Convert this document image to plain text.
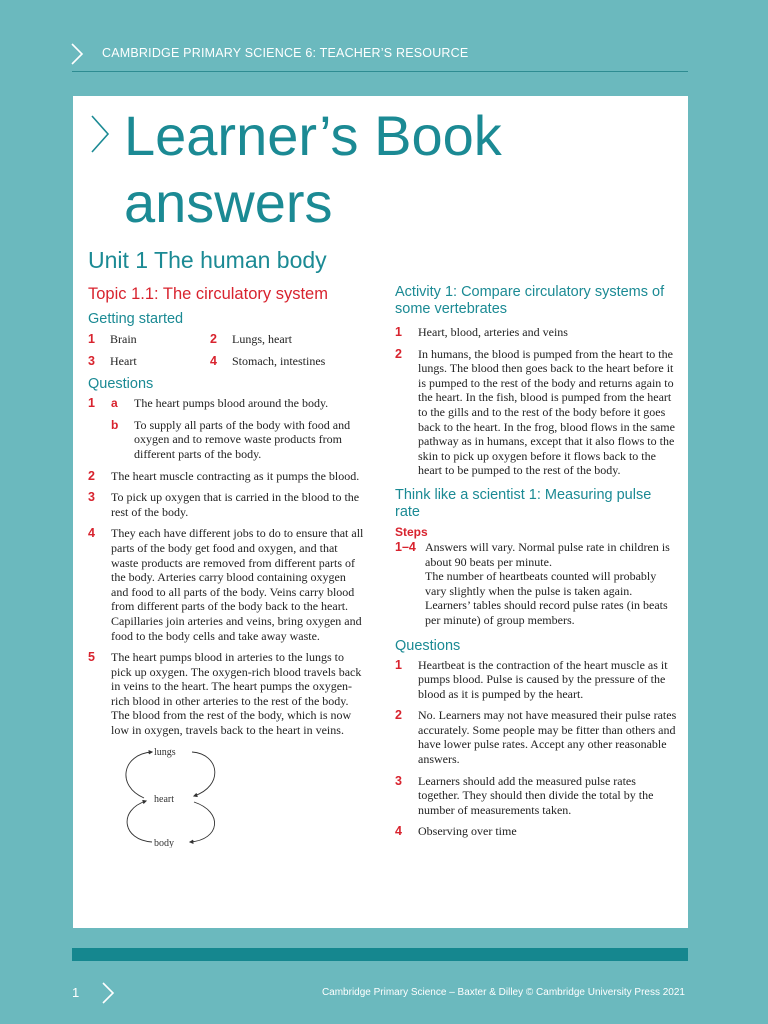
CAMBRIDGE PRIMARY SCIENCE 6: TEACHER’S RESOURCE
Learner’s Book
answers
Unit 1 The human body
Topic 1.1: The circulatory system
Getting started
1	Brain	2	Lungs, heart
3	Heart	4	Stomach, intestines
Questions
1	a	The heart pumps blood around the body.
b	To supply all parts of the body with food and oxygen and to remove waste products from different parts of the body.
2	The heart muscle contracting as it pumps the blood.
3	To pick up oxygen that is carried in the blood to the rest of the body.
4	They each have different jobs to do to ensure that all parts of the body get food and oxygen, and that waste products are removed from different parts of the body. Arteries carry blood containing oxygen and food to all parts of the body. Veins carry blood from different parts of the body back to the heart. Capillaries join arteries and veins, bring oxygen and food to the body cells and take away waste.
5	The heart pumps blood in arteries to the lungs to pick up oxygen. The oxygen-rich blood travels back in veins to the heart. The heart pumps the oxygen-rich blood in other arteries to the rest of the body. The blood from the rest of the body, which is now low in oxygen, travels back to the heart in veins.
lungs
heart
body
Activity 1: Compare circulatory systems of some vertebrates
1	Heart, blood, arteries and veins
2	In humans, the blood is pumped from the heart to the lungs. The blood then goes back to the heart before it is pumped to the rest of the body and returns again to the heart. In the fish, blood is pumped from the heart to the gills and to the rest of the body before it goes back to the heart. In the frog, blood flows in the same pathway as in humans, except that it also flows to the skin to pick up oxygen before it flows back to the heart to be pumped to the rest of the body.
Think like a scientist 1: Measuring pulse rate
Steps
1–4 Answers will vary. Normal pulse rate in children is about 90 beats per minute.
The number of heartbeats counted will probably vary slightly when the pulse is taken again.
Learners’ tables should record pulse rates (in beats per minute) of group members.
Questions
1	Heartbeat is the contraction of the heart muscle as it pumps blood. Pulse is caused by the pressure of the blood as it is pumped by the heart.
2	No. Learners may not have measured their pulse rates accurately. Some people may be fitter than others and have lower pulse rates. Accept any other reasonable answers.
3	Learners should add the measured pulse rates together. They should then divide the total by the number of measurements taken.
4	Observing over time
1	Cambridge Primary Science – Baxter & Dilley © Cambridge University Press 2021
